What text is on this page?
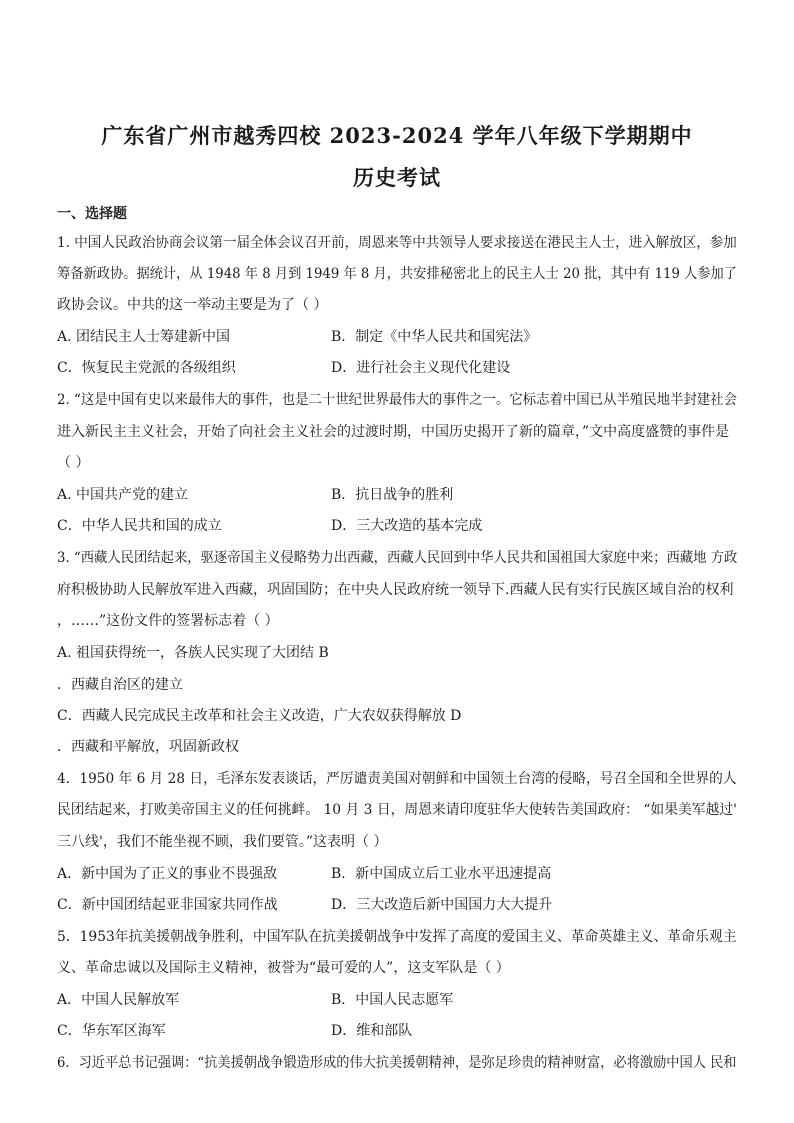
广东省广州市越秀四校 2023-2024 学年八年级下学期期中
历史考试
一、选择题
1. 中国人民政治协商会议第一届全体会议召开前，周恩来等中共领导人要求接送在港民主人士，进入解放区，参加
筹备新政协。据统计，从 1948 年 8 月到 1949 年 8 月，共安排秘密北上的民主人士 20 批，其中有 119 人参加了
政协会议。中共的这一举动主要是为了（ ）
A. 团结民主人士筹建新中国	B．制定《中华人民共和国宪法》
C．恢复民主党派的各级组织	D．进行社会主义现代化建设
2. “这是中国有史以来最伟大的事件，也是二十世纪世界最伟大的事件之一。它标志着中国已从半殖民地半封建社会
进入新民主主义社会，开始了向社会主义社会的过渡时期，中国历史揭开了新的篇章，”文中高度盛赞的事件是
（ ）
A. 中国共产党的建立	B．抗日战争的胜利
C．中华人民共和国的成立	D．三大改造的基本完成
3. “西藏人民团结起来，驱逐帝国主义侵略势力出西藏，西藏人民回到中华人民共和国祖国大家庭中来；西藏地 方政
府积极协助人民解放军进入西藏，巩固国防；在中央人民政府统一领导下.西藏人民有实行民族区域自治的权利
，……”这份文件的签署标志着（ ）
A. 祖国获得统一，各族人民实现了大团结 B
．西藏自治区的建立
C．西藏人民完成民主改革和社会主义改造，广大农奴获得解放 D
．西藏和平解放，巩固新政权
4．1950 年 6 月 28 日，毛泽东发表谈话，严厉谴责美国对朝鲜和中国领土台湾的侵略，号召全国和全世界的人
民团结起来，打败美帝国主义的任何挑衅。 10 月 3 日，周恩来请印度驻华大使转告美国政府： “如果美军越过'
三八线'，我们不能坐视不顾，我们要管。”这表明（ ）
A．新中国为了正义的事业不畏强敌	B．新中国成立后工业水平迅速提高
C．新中国团结起亚非国家共同作战	D．三大改造后新中国国力大大提升
5．1953年抗美援朝战争胜利，中国军队在抗美援朝战争中发挥了高度的爱国主义、革命英雄主义、革命乐观主
义、革命忠诚以及国际主义精神，被誉为“最可爱的人”，这支军队是（ ）
A．中国人民解放军	B．中国人民志愿军
C．华东军区海军	D．维和部队
6．习近平总书记强调：“抗美援朝战争锻造形成的伟大抗美援朝精神，是弥足珍贵的精神财富，必将激励中国人 民和
